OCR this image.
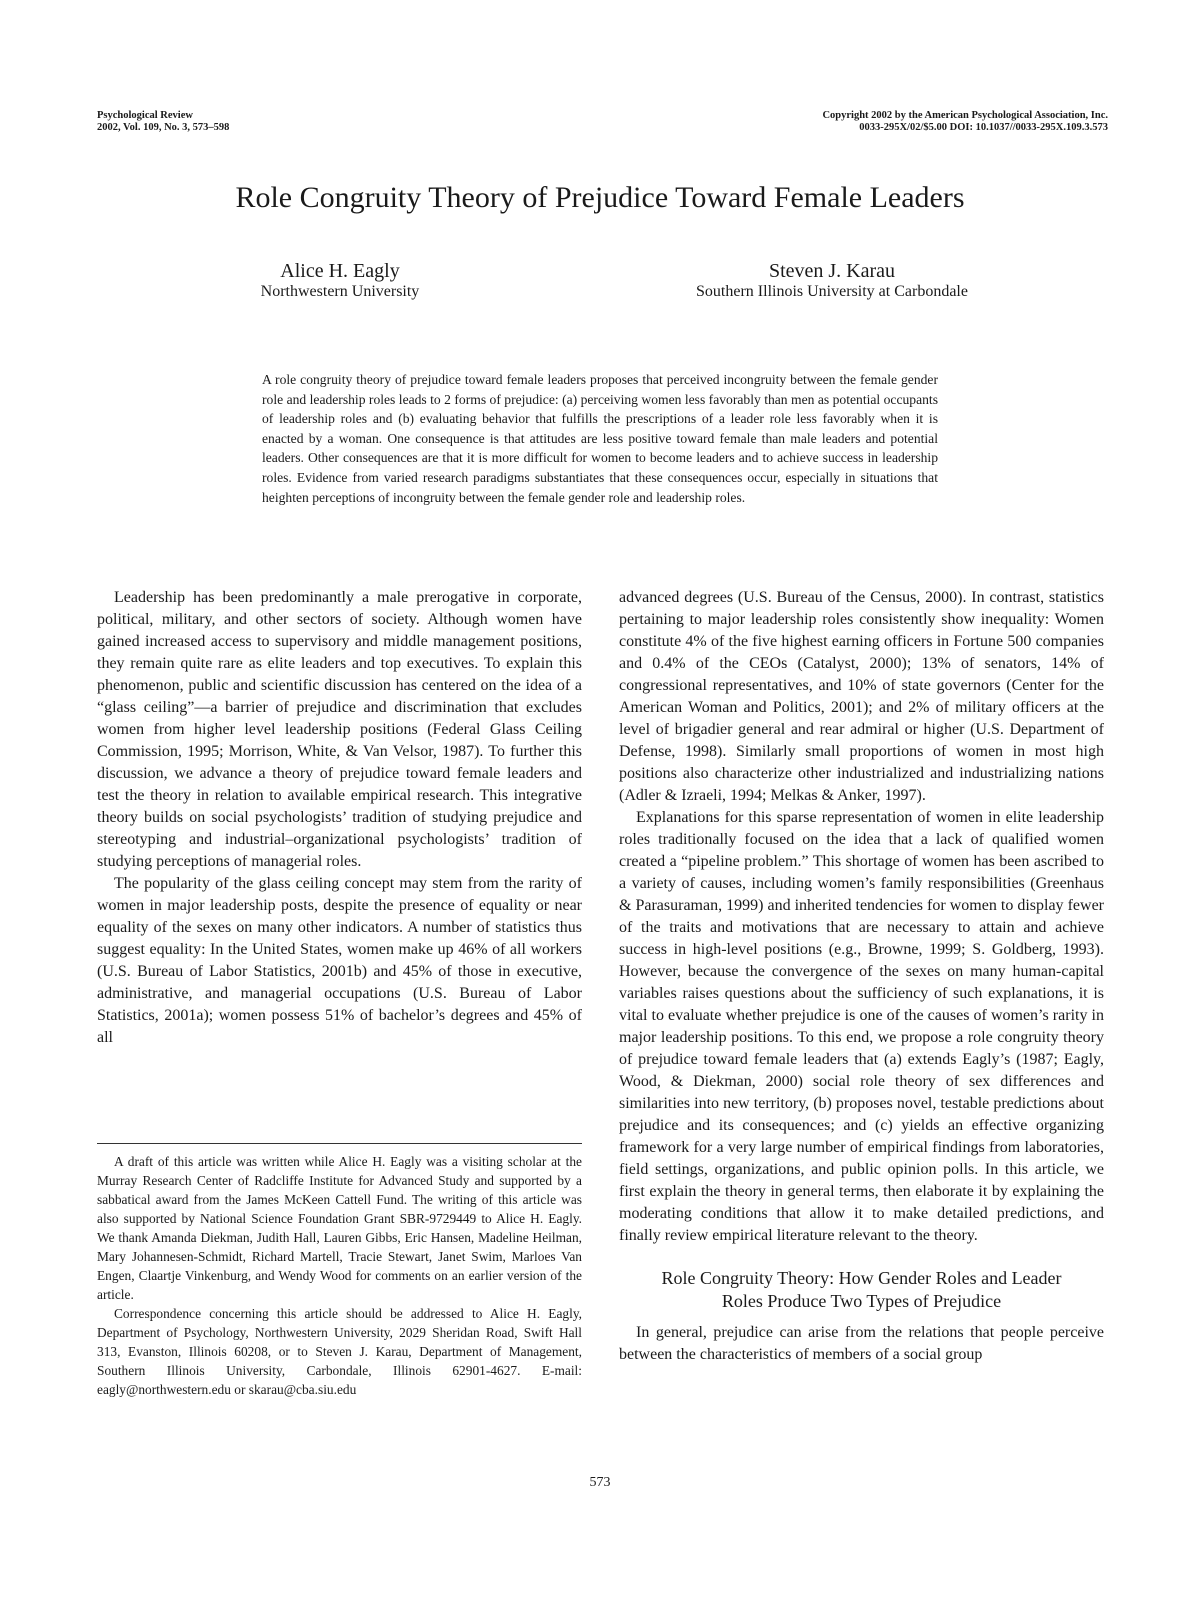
Psychological Review
2002, Vol. 109, No. 3, 573–598
Copyright 2002 by the American Psychological Association, Inc.
0033-295X/02/$5.00 DOI: 10.1037//0033-295X.109.3.573
Role Congruity Theory of Prejudice Toward Female Leaders
Alice H. Eagly
Northwestern University
Steven J. Karau
Southern Illinois University at Carbondale
A role congruity theory of prejudice toward female leaders proposes that perceived incongruity between the female gender role and leadership roles leads to 2 forms of prejudice: (a) perceiving women less favorably than men as potential occupants of leadership roles and (b) evaluating behavior that fulfills the prescriptions of a leader role less favorably when it is enacted by a woman. One consequence is that attitudes are less positive toward female than male leaders and potential leaders. Other consequences are that it is more difficult for women to become leaders and to achieve success in leadership roles. Evidence from varied research paradigms substantiates that these consequences occur, especially in situations that heighten perceptions of incongruity between the female gender role and leadership roles.

Leadership has been predominantly a male prerogative in corporate, political, military, and other sectors of society. Although women have gained increased access to supervisory and middle management positions, they remain quite rare as elite leaders and top executives. To explain this phenomenon, public and scientific discussion has centered on the idea of a “glass ceiling”—a barrier of prejudice and discrimination that excludes women from higher level leadership positions (Federal Glass Ceiling Commission, 1995; Morrison, White, & Van Velsor, 1987). To further this discussion, we advance a theory of prejudice toward female leaders and test the theory in relation to available empirical research. This integrative theory builds on social psychologists’ tradition of studying prejudice and stereotyping and industrial–organizational psychologists’ tradition of studying perceptions of managerial roles.

The popularity of the glass ceiling concept may stem from the rarity of women in major leadership posts, despite the presence of equality or near equality of the sexes on many other indicators. A number of statistics thus suggest equality: In the United States, women make up 46% of all workers (U.S. Bureau of Labor Statistics, 2001b) and 45% of those in executive, administrative, and managerial occupations (U.S. Bureau of Labor Statistics, 2001a); women possess 51% of bachelor’s degrees and 45% of all

A draft of this article was written while Alice H. Eagly was a visiting scholar at the Murray Research Center of Radcliffe Institute for Advanced Study and supported by a sabbatical award from the James McKeen Cattell Fund. The writing of this article was also supported by National Science Foundation Grant SBR-9729449 to Alice H. Eagly. We thank Amanda Diekman, Judith Hall, Lauren Gibbs, Eric Hansen, Madeline Heilman, Mary Johannesen-Schmidt, Richard Martell, Tracie Stewart, Janet Swim, Marloes Van Engen, Claartje Vinkenburg, and Wendy Wood for comments on an earlier version of the article.

Correspondence concerning this article should be addressed to Alice H. Eagly, Department of Psychology, Northwestern University, 2029 Sheridan Road, Swift Hall 313, Evanston, Illinois 60208, or to Steven J. Karau, Department of Management, Southern Illinois University, Carbondale, Illinois 62901-4627. E-mail: eagly@northwestern.edu or skarau@cba.siu.edu

advanced degrees (U.S. Bureau of the Census, 2000). In contrast, statistics pertaining to major leadership roles consistently show inequality: Women constitute 4% of the five highest earning officers in Fortune 500 companies and 0.4% of the CEOs (Catalyst, 2000); 13% of senators, 14% of congressional representatives, and 10% of state governors (Center for the American Woman and Politics, 2001); and 2% of military officers at the level of brigadier general and rear admiral or higher (U.S. Department of Defense, 1998). Similarly small proportions of women in most high positions also characterize other industrialized and industrializing nations (Adler & Izraeli, 1994; Melkas & Anker, 1997).

Explanations for this sparse representation of women in elite leadership roles traditionally focused on the idea that a lack of qualified women created a “pipeline problem.” This shortage of women has been ascribed to a variety of causes, including women’s family responsibilities (Greenhaus & Parasuraman, 1999) and inherited tendencies for women to display fewer of the traits and motivations that are necessary to attain and achieve success in high-level positions (e.g., Browne, 1999; S. Goldberg, 1993). However, because the convergence of the sexes on many human-capital variables raises questions about the sufficiency of such explanations, it is vital to evaluate whether prejudice is one of the causes of women’s rarity in major leadership positions. To this end, we propose a role congruity theory of prejudice toward female leaders that (a) extends Eagly’s (1987; Eagly, Wood, & Diekman, 2000) social role theory of sex differences and similarities into new territory, (b) proposes novel, testable predictions about prejudice and its consequences; and (c) yields an effective organizing framework for a very large number of empirical findings from laboratories, field settings, organizations, and public opinion polls. In this article, we first explain the theory in general terms, then elaborate it by explaining the moderating conditions that allow it to make detailed predictions, and finally review empirical literature relevant to the theory.

Role Congruity Theory: How Gender Roles and Leader
Roles Produce Two Types of Prejudice

In general, prejudice can arise from the relations that people perceive between the characteristics of members of a social group

573
